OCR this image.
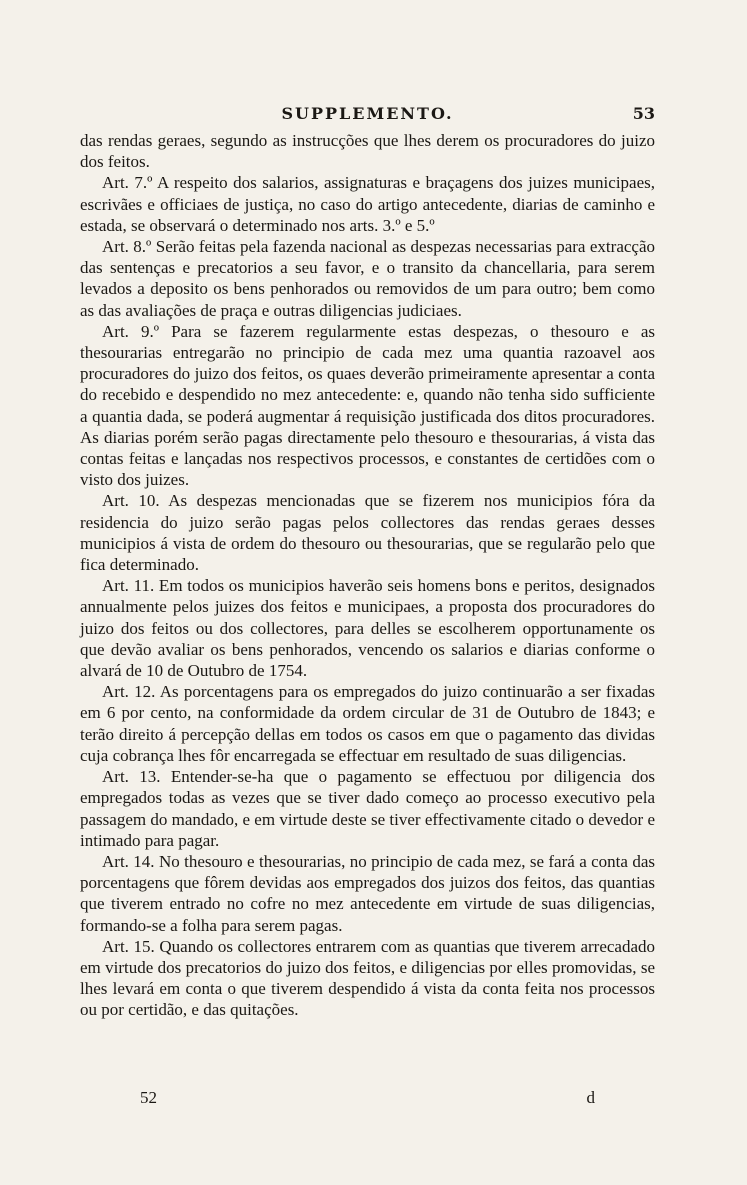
SUPPLEMENTO.	53

das rendas geraes, segundo as instrucções que lhes derem os procuradores do juizo dos feitos.

Art. 7.º A respeito dos salarios, assignaturas e braçagens dos juizes municipaes, escrivães e officiaes de justiça, no caso do artigo antecedente, diarias de caminho e estada, se observará o determinado nos arts. 3.º e 5.º

Art. 8.º Serão feitas pela fazenda nacional as despezas necessarias para extracção das sentenças e precatorios a seu favor, e o transito da chancellaria, para serem levados a deposito os bens penhorados ou removidos de um para outro; bem como as das avaliações de praça e outras diligencias judiciaes.

Art. 9.º Para se fazerem regularmente estas despezas, o thesouro e as thesourarias entregarão no principio de cada mez uma quantia razoavel aos procuradores do juizo dos feitos, os quaes deverão primeiramente apresentar a conta do recebido e despendido no mez antecedente: e, quando não tenha sido sufficiente a quantia dada, se poderá augmentar á requisição justificada dos ditos procuradores. As diarias porém serão pagas directamente pelo thesouro e thesourarias, á vista das contas feitas e lançadas nos respectivos processos, e constantes de certidões com o visto dos juizes.

Art. 10. As despezas mencionadas que se fizerem nos municipios fóra da residencia do juizo serão pagas pelos collectores das rendas geraes desses municipios á vista de ordem do thesouro ou thesourarias, que se regularão pelo que fica determinado.

Art. 11. Em todos os municipios haverão seis homens bons e peritos, designados annualmente pelos juizes dos feitos e municipaes, a proposta dos procuradores do juizo dos feitos ou dos collectores, para delles se escolherem opportunamente os que devão avaliar os bens penhorados, vencendo os salarios e diarias conforme o alvará de 10 de Outubro de 1754.

Art. 12. As porcentagens para os empregados do juizo continuarão a ser fixadas em 6 por cento, na conformidade da ordem circular de 31 de Outubro de 1843; e terão direito á percepção dellas em todos os casos em que o pagamento das dividas cuja cobrança lhes fôr encarregada se effectuar em resultado de suas diligencias.

Art. 13. Entender-se-ha que o pagamento se effectuou por diligencia dos empregados todas as vezes que se tiver dado começo ao processo executivo pela passagem do mandado, e em virtude deste se tiver effectivamente citado o devedor e intimado para pagar.

Art. 14. No thesouro e thesourarias, no principio de cada mez, se fará a conta das porcentagens que fôrem devidas aos empregados dos juizos dos feitos, das quantias que tiverem entrado no cofre no mez antecedente em virtude de suas diligencias, formando-se a folha para serem pagas.

Art. 15. Quando os collectores entrarem com as quantias que tiverem arrecadado em virtude dos precatorios do juizo dos feitos, e diligencias por elles promovidas, se lhes levará em conta o que tiverem despendido á vista da conta feita nos processos ou por certidão, e das quitações.

52	d
